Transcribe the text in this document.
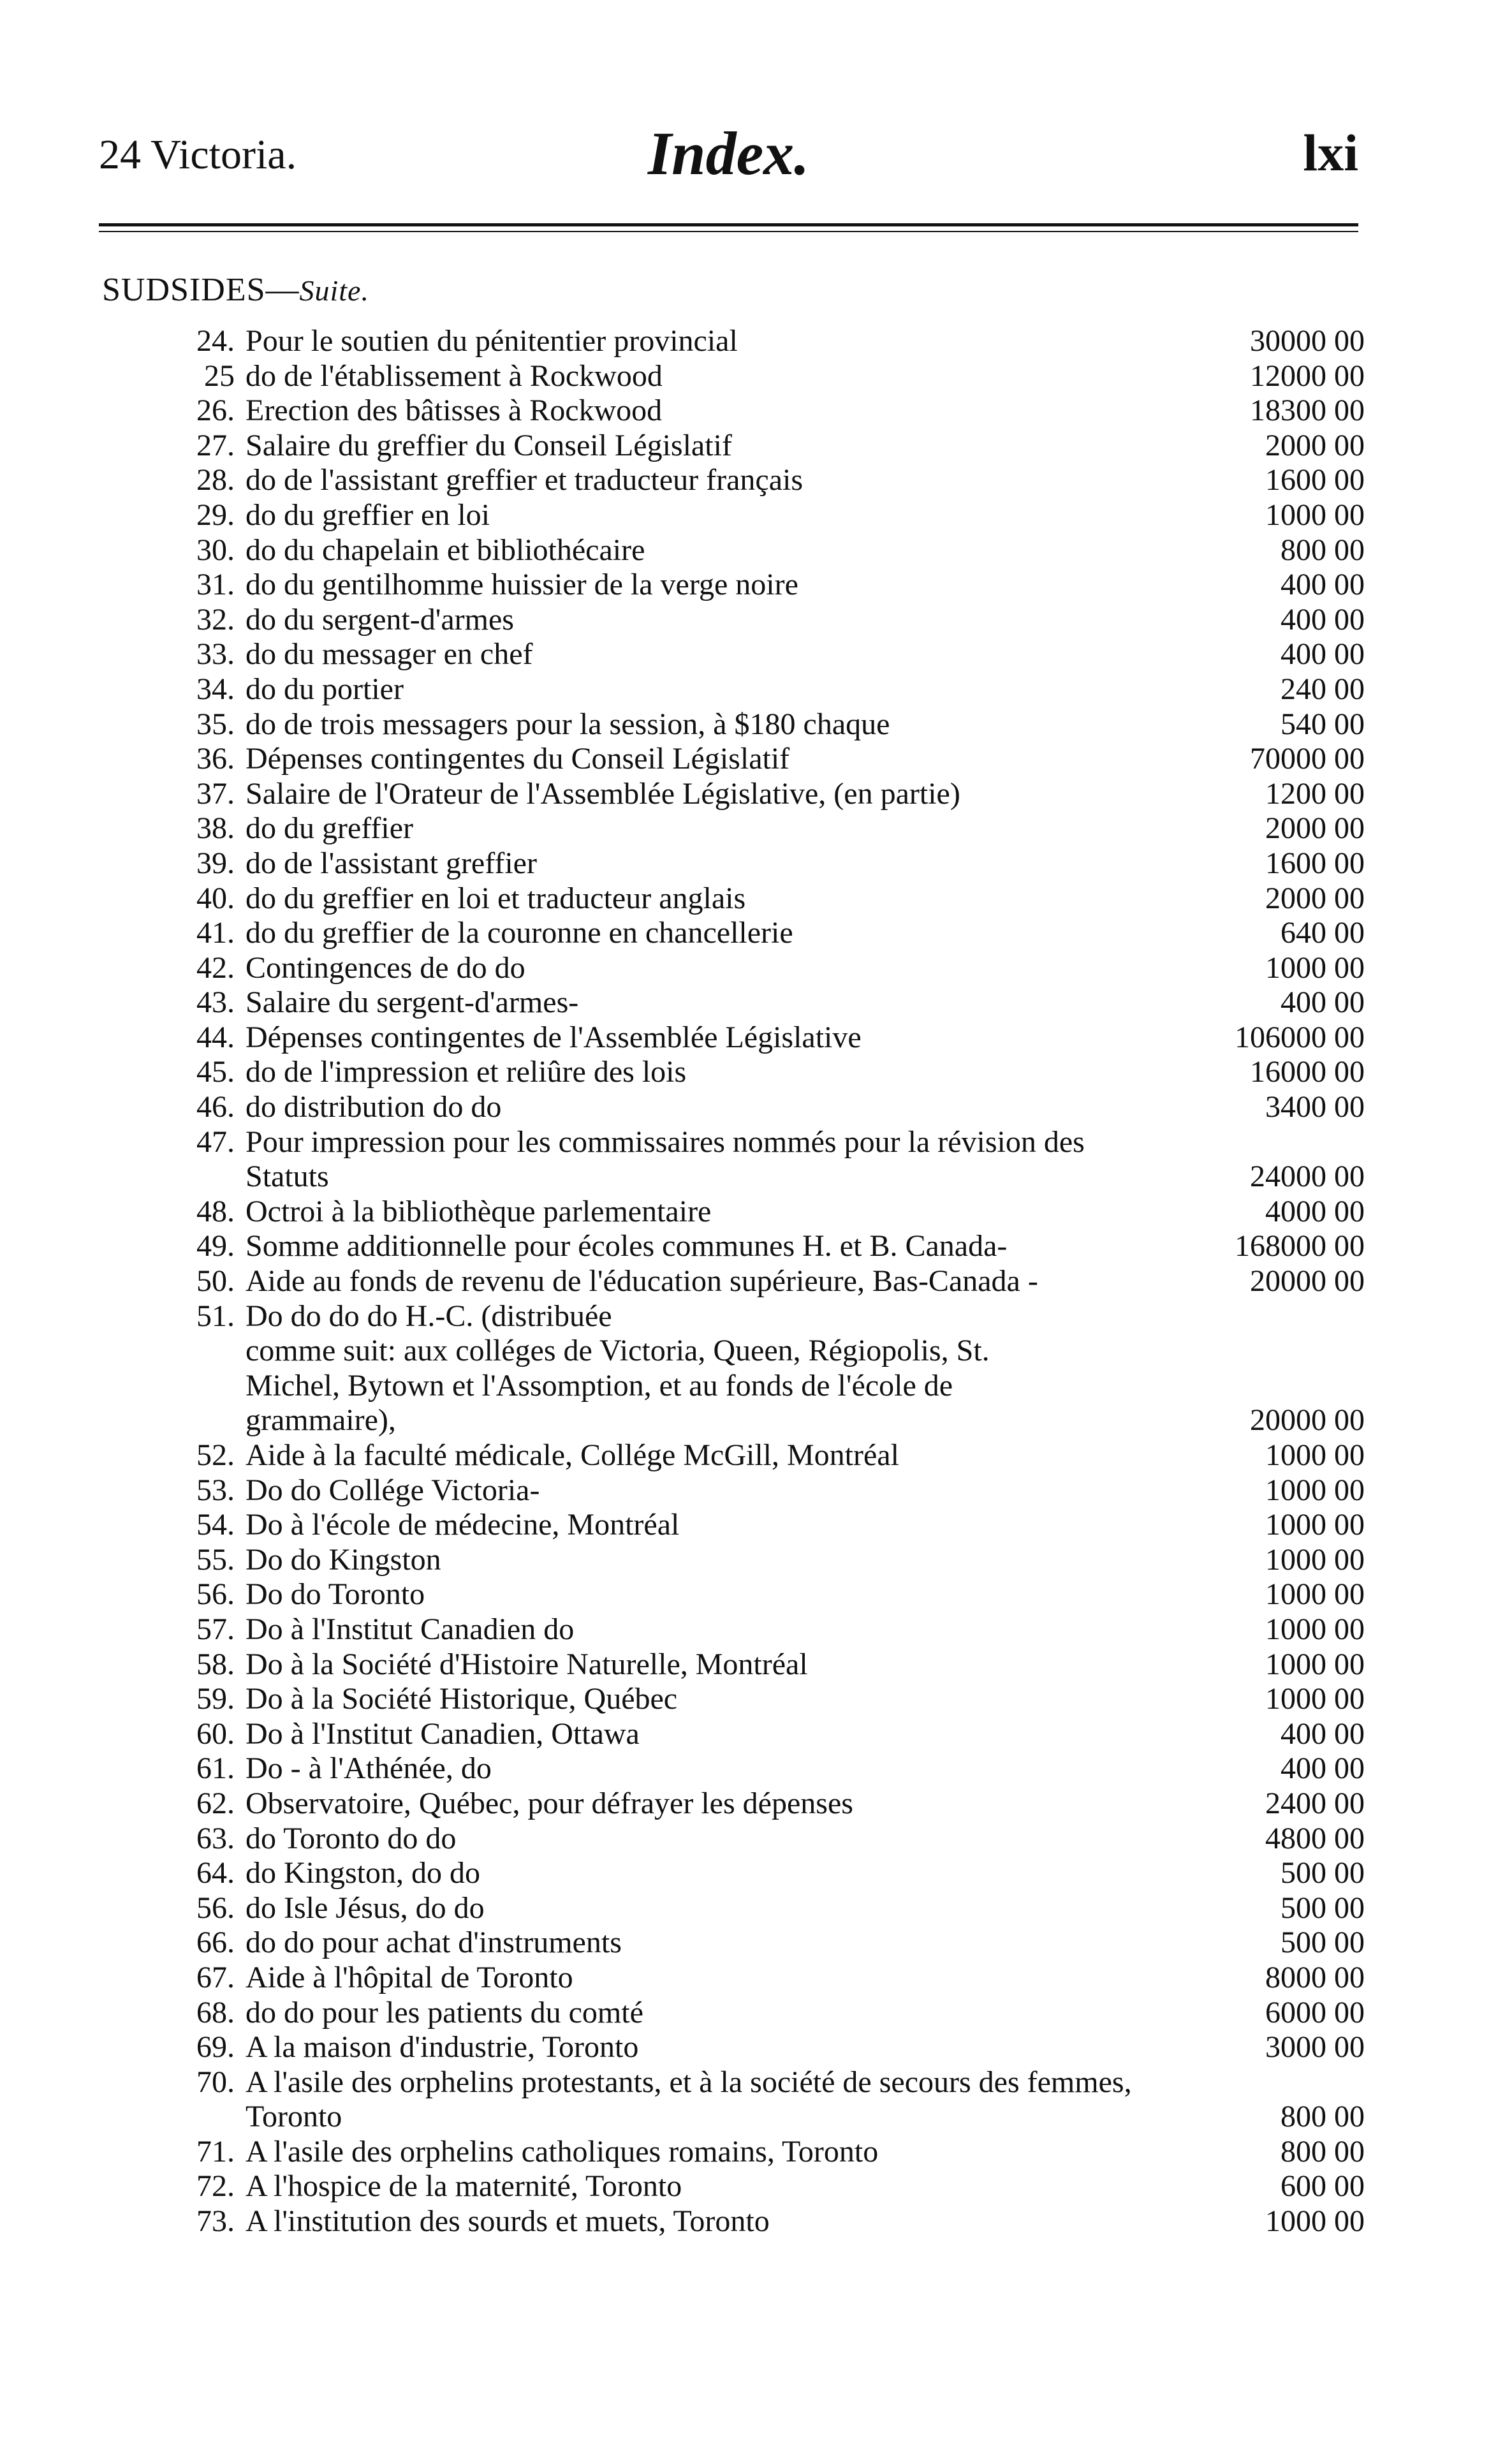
24 Victoria.	Index.	lxi
SUDSIDES—Suite.
24. Pour le soutien du pénitentier provincial	30000 00
25 do de l'établissement à Rockwood	12000 00
26. Erection des bâtisses à Rockwood	18300 00
27. Salaire du greffier du Conseil Législatif	2000 00
28. do de l'assistant greffier et traducteur français	1600 00
29. do du greffier en loi	1000 00
30. do du chapelain et bibliothécaire	800 00
31. do du gentilhomme huissier de la verge noire	400 00
32. do du sergent-d'armes	400 00
33. do du messager en chef	400 00
34. do du portier	240 00
35. do de trois messagers pour la session, à $180 chaque	540 00
36. Dépenses contingentes du Conseil Législatif	70000 00
37. Salaire de l'Orateur de l'Assemblée Législative, (en partie)	1200 00
38. do du greffier	2000 00
39. do de l'assistant greffier	1600 00
40. do du greffier en loi et traducteur anglais	2000 00
41. do du greffier de la couronne en chancellerie	640 00
42. Contingences de do do	1000 00
43. Salaire du sergent-d'armes-	400 00
44. Dépenses contingentes de l'Assemblée Législative	106000 00
45. do de l'impression et reliûre des lois	16000 00
46. do distribution do do	3400 00
47. Pour impression pour les commissaires nommés pour la révision des
Statuts	24000 00
48. Octroi à la bibliothèque parlementaire	4000 00
49. Somme additionnelle pour écoles communes H. et B. Canada-	168000 00
50. Aide au fonds de revenu de l'éducation supérieure, Bas-Canada -	20000 00
51. Do do do do H.-C. (distribuée
comme suit: aux colléges de Victoria, Queen, Régiopolis, St.
Michel, Bytown et l'Assomption, et au fonds de l'école de
grammaire),	20000 00
52. Aide à la faculté médicale, Collége McGill, Montréal	1000 00
53. Do do Collége Victoria-	1000 00
54. Do à l'école de médecine, Montréal	1000 00
55. Do do Kingston	1000 00
56. Do do Toronto	1000 00
57. Do à l'Institut Canadien do	1000 00
58. Do à la Société d'Histoire Naturelle, Montréal	1000 00
59. Do à la Société Historique, Québec	1000 00
60. Do à l'Institut Canadien, Ottawa	400 00
61. Do - à l'Athénée, do	400 00
62. Observatoire, Québec, pour défrayer les dépenses	2400 00
63. do Toronto do do	4800 00
64. do Kingston, do do	500 00
56. do Isle Jésus, do do	500 00
66. do do pour achat d'instruments	500 00
67. Aide à l'hôpital de Toronto	8000 00
68. do do pour les patients du comté	6000 00
69. A la maison d'industrie, Toronto	3000 00
70. A l'asile des orphelins protestants, et à la société de secours des femmes,
Toronto	800 00
71. A l'asile des orphelins catholiques romains, Toronto	800 00
72. A l'hospice de la maternité, Toronto	600 00
73. A l'institution des sourds et muets, Toronto	1000 00
